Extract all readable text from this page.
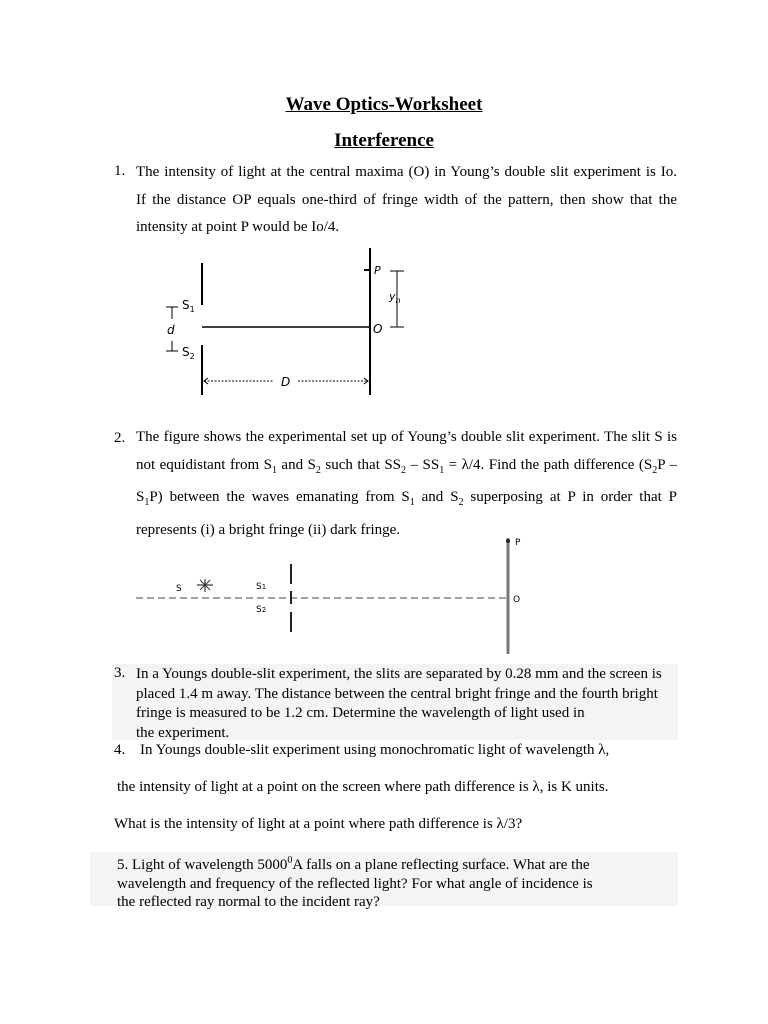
Wave Optics-Worksheet
Interference
1. The intensity of light at the central maxima (O) in Young’s double slit experiment is Io.
If the distance OP equals one-third of fringe width of the pattern, then show that the
intensity at point P would be Io/4.
P
$y_n$
O
$S_1$
$S_2$
d
D
2. The figure shows the experimental set up of Young’s double slit experiment. The slit S is
not equidistant from $S_1$ and $S_2$ such that $SS_2 - SS_1 = \lambda/4$. Find the path difference ($S_2P$ –
$S_1P$) between the waves emanating from $S_1$ and $S_2$ superposing at P in order that P
represents (i) a bright fringe (ii) dark fringe.
S	S1
S2
P
O
3. In a Youngs double-slit experiment, the slits are separated by 0.28 mm and the screen is
placed 1.4 m away. The distance between the central bright fringe and the fourth bright
fringe is measured to be 1.2 cm. Determine the wavelength of light used in
the experiment.
4. In Youngs double-slit experiment using monochromatic light of wavelength λ,
the intensity of light at a point on the screen where path difference is λ, is K units.
What is the intensity of light at a point where path difference is λ/3?
5. Light of wavelength 5000$^0$A falls on a plane reflecting surface. What are the
wavelength and frequency of the reflected light? For what angle of incidence is
the reflected ray normal to the incident ray?
